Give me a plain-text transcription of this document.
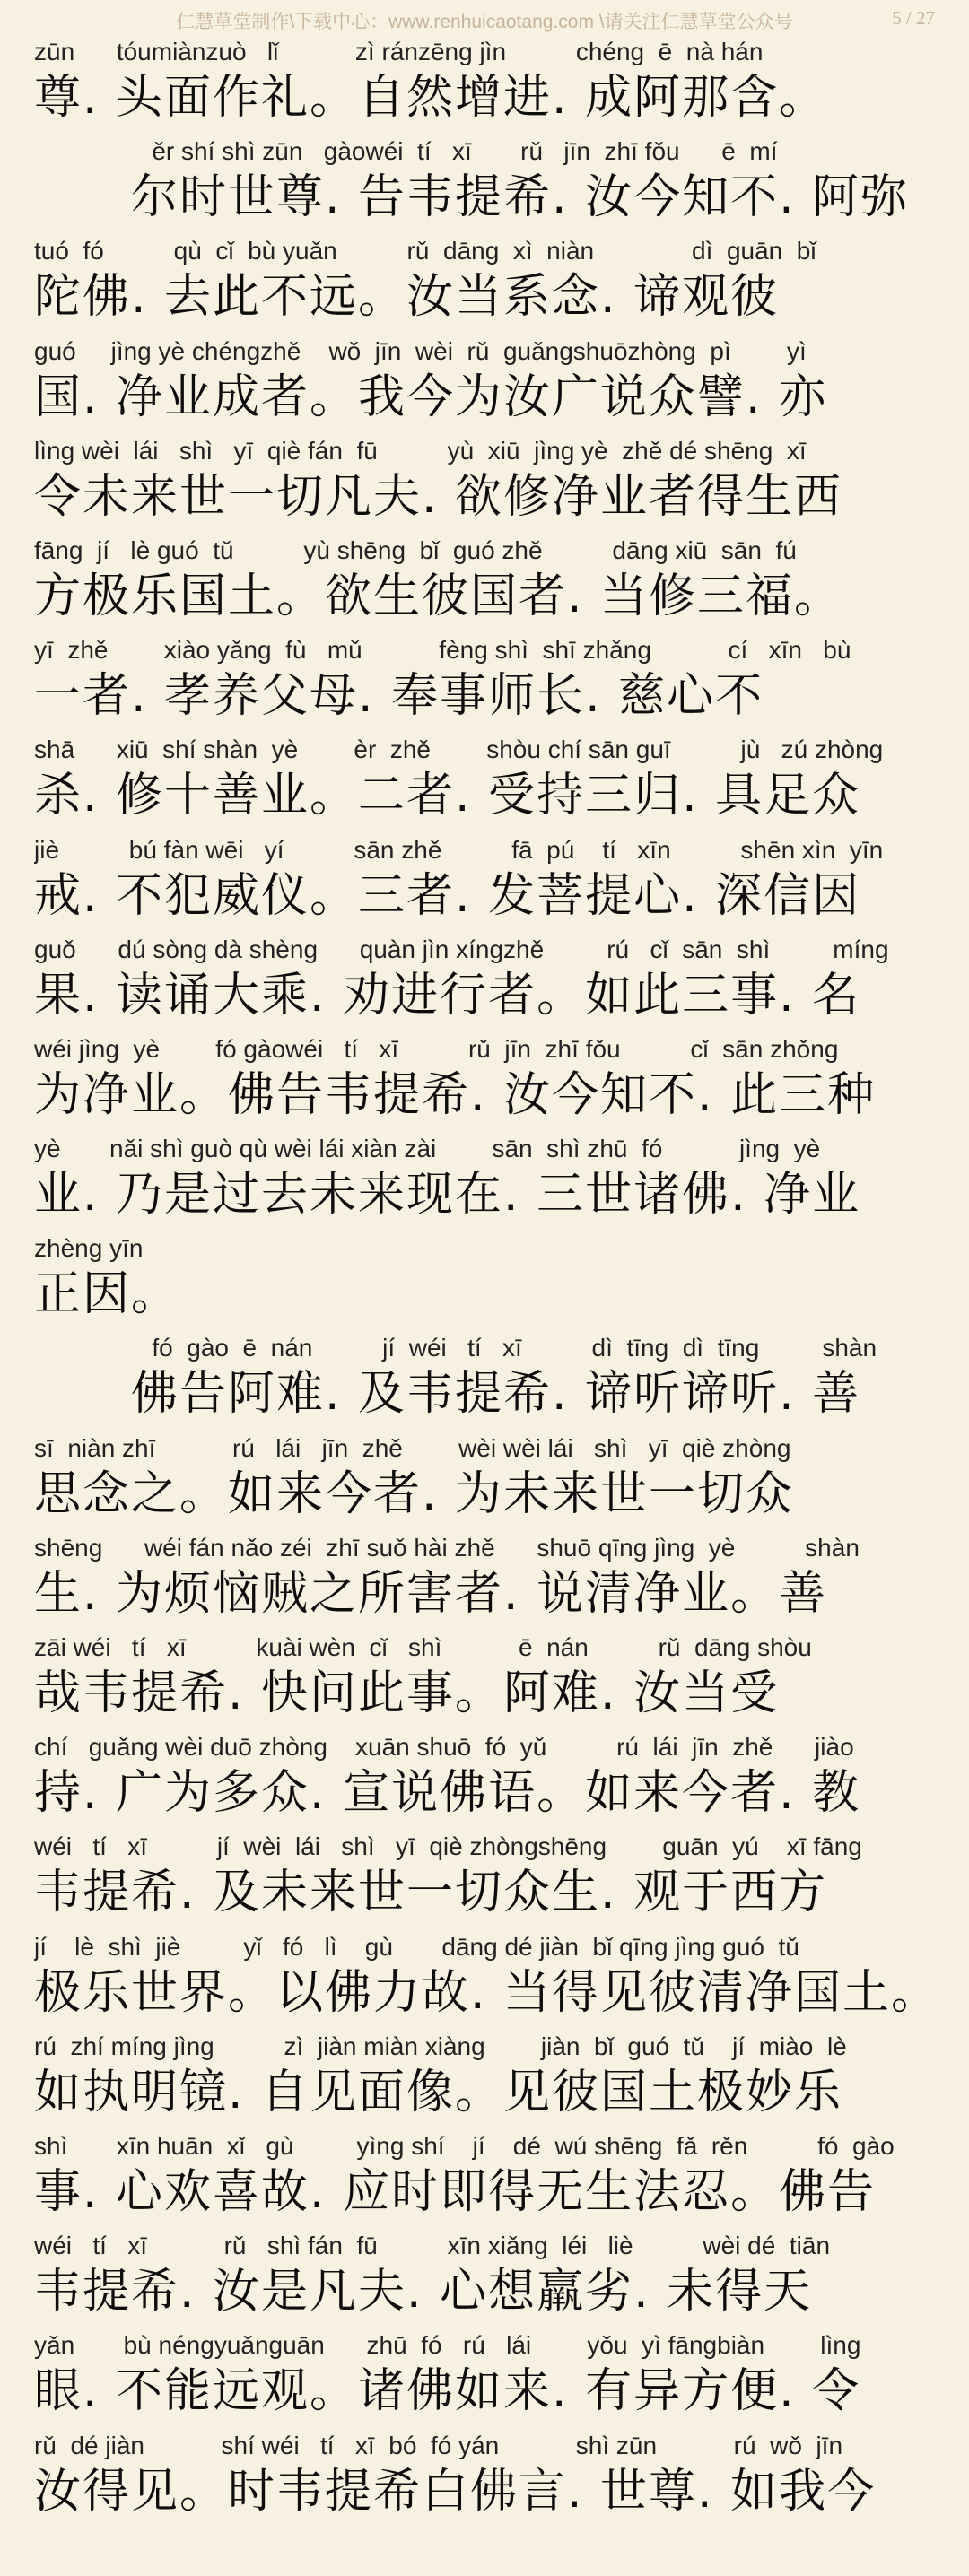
仁慧草堂制作\下载中心：www.renhuicaotang.com \请关注仁慧草堂公众号	5 / 27
zūn      tóumiànzuò   lǐ           zì ránzēng jìn          chéng  ē  nà hán
尊. 头面作礼。自然增进. 成阿那含。
ěr shí shì zūn   gàowéi  tí   xī       rǔ   jīn  zhī fǒu      ē  mí
尔时世尊. 告韦提希. 汝今知不. 阿弥
tuó  fó          qù  cǐ  bù yuǎn          rǔ  dāng  xì  niàn              dì  guān  bǐ
陀佛. 去此不远。汝当系念. 谛观彼
guó     jìng yè chéngzhě    wǒ  jīn  wèi  rǔ  guǎngshuōzhòng  pì        yì
国. 净业成者。我今为汝广说众譬. 亦
lìng wèi  lái   shì   yī  qiè fán  fū          yù  xiū  jìng yè  zhě dé shēng  xī
令未来世一切凡夫. 欲修净业者得生西
fāng  jí   lè guó  tǔ          yù shēng  bǐ  guó zhě          dāng xiū  sān  fú
方极乐国土。欲生彼国者. 当修三福。
yī  zhě        xiào yǎng  fù   mǔ           fèng shì  shī zhǎng           cí   xīn   bù
一者. 孝养父母. 奉事师长. 慈心不
shā      xiū  shí shàn  yè        èr  zhě        shòu chí sān guī          jù   zú zhòng
杀. 修十善业。二者. 受持三归. 具足众
jiè          bú fàn wēi   yí          sān zhě          fā  pú    tí   xīn          shēn xìn  yīn
戒. 不犯威仪。三者. 发菩提心. 深信因
guǒ      dú sòng dà shèng      quàn jìn xíngzhě         rú   cǐ  sān  shì         míng
果. 读诵大乘. 劝进行者。如此三事. 名
wéi jìng  yè        fó gàowéi   tí   xī          rǔ  jīn  zhī fǒu          cǐ  sān zhǒng
为净业。佛告韦提希. 汝今知不. 此三种
yè       nǎi shì guò qù wèi lái xiàn zài        sān  shì zhū  fó           jìng  yè
业. 乃是过去未来现在. 三世诸佛. 净业
zhèng yīn
正因。
fó  gào  ē  nán          jí  wéi   tí   xī          dì  tīng  dì  tīng         shàn
佛告阿难. 及韦提希. 谛听谛听. 善
sī  niàn zhī           rú   lái   jīn  zhě        wèi wèi lái   shì   yī  qiè zhòng
思念之。如来今者. 为未来世一切众
shēng      wéi fán nǎo zéi  zhī suǒ hài zhě      shuō qīng jìng  yè          shàn
生. 为烦恼贼之所害者. 说清净业。善
zāi wéi   tí   xī          kuài wèn  cǐ   shì           ē  nán          rǔ  dāng shòu
哉韦提希. 快问此事。阿难. 汝当受
chí   guǎng wèi duō zhòng    xuān shuō  fó  yǔ          rú  lái  jīn  zhě      jiào
持. 广为多众. 宣说佛语。如来今者. 教
wéi   tí   xī          jí  wèi  lái   shì   yī  qiè zhòngshēng        guān  yú    xī fāng
韦提希. 及未来世一切众生. 观于西方
jí    lè  shì  jiè         yǐ   fó   lì    gù       dāng dé jiàn  bǐ qīng jìng guó  tǔ
极乐世界。以佛力故. 当得见彼清净国土。
rú  zhí míng jìng          zì  jiàn miàn xiàng        jiàn  bǐ  guó  tǔ    jí  miào  lè
如执明镜. 自见面像。见彼国土极妙乐
shì       xīn huān  xǐ   gù         yìng shí    jí    dé  wú shēng  fǎ  rěn          fó  gào
事. 心欢喜故. 应时即得无生法忍。佛告
wéi   tí   xī           rǔ   shì fán  fū          xīn xiǎng  léi   liè          wèi dé  tiān
韦提希. 汝是凡夫. 心想羸劣. 未得天
yǎn       bù néngyuǎnguān      zhū  fó   rú   lái        yǒu  yì fāngbiàn        lìng
眼. 不能远观。诸佛如来. 有异方便. 令
rǔ  dé jiàn           shí wéi   tí   xī  bó  fó yán           shì zūn           rú  wǒ  jīn
汝得见。时韦提希白佛言. 世尊. 如我今
